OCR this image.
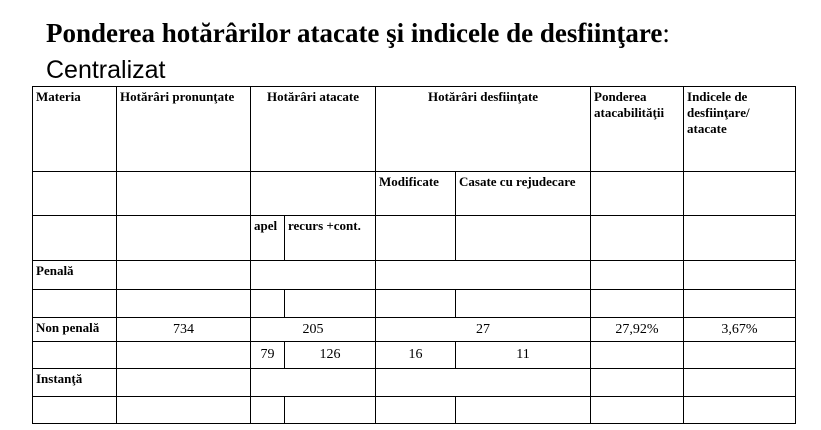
Ponderea hotărârilor atacate şi indicele de desfiinţare:
Centralizat
Materia	Hotărâri pronunţate	Hotărâri atacate		Hotărâri desfiinţate		Ponderea atacabilităţii	Indicele de desfiinţare/ atacate
				Modificate	Casate cu rejudecare		
		apel	recurs +cont.				
Penală							

Non penală	734	205		27		27,92%	3,67%
		79	126	16	11		
Instanţă							
